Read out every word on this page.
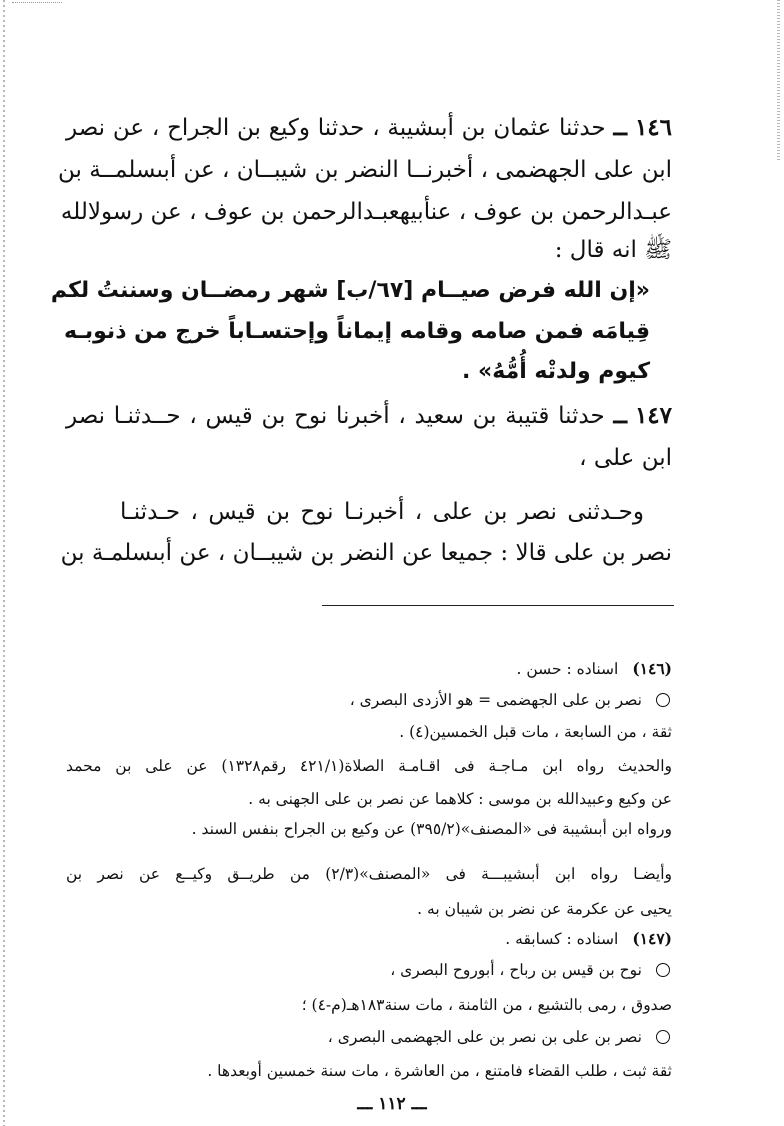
١٤٦ــ حدثنا عثمان بن أبىشيبة ، حدثنا وكيع بن الجراح ، عن نصر

ابن على الجهضمى ، أخبرنــا النضر بن شيبــان ، عن أبىسلمــة بن

عبـدالرحمن بن عوف ، عنأبيهعبـدالرحمن بن عوف ، عن رسولالله

ﷺ انه قال :

«إن الله فرض صيــام [٦٧/ب] شهر رمضــان وسننتُ لكم

قِيامَه فمن صامه وقامه إيماناً وإحتسـاباً خرج من ذنوبـه

كيوم ولدتْه أُمُّهُ» .

١٤٧ــ حدثنا قتيبة بن سعيد ، أخبرنا نوح بن قيس ، حــدثنـا نصر

ابن على ،

وحـدثنى نصر بن على ، أخبرنـا نوح بن قيس ، حـدثنـا

نصر بن على قالا : جميعا عن النضر بن شيبــان ، عن أبىسلمـة بن

(١٤٦)اسناده : حسن .

نصر بن على الجهضمى = هو الأزدى البصرى ،

ثقة ، من السابعة ، مات قبل الخمسين(٤) .

والحديث رواه ابن مـاجـة فى اقـامـة الصلاة(٤٢١/١ رقم١٣٢٨) عن على بن محمد

عن وكيع وعبيدالله بن موسى : كلاهما عن نصر بن على الجهنى به .

ورواه ابن أبىشيبة فى «المصنف»(٣٩٥/٢) عن وكيع بن الجراح بنفس السند .

وأيضـا رواه ابن أبىشيبـــة فى «المصنف»(٢/٣) من طريــق وكيــع عن نصر بن

يحيى عن عكرمة عن نضر بن شيبان به .

(١٤٧)اسناده : كسابقه .

نوح بن قيس بن رباح ، أبوروح البصرى ،

صدوق ، رمى بالتشيع ، من الثامنة ، مات سنة١٨٣هـ(م-٤) ؛

نصر بن على بن نصر بن على الجهضمى البصرى ،

ثقة ثبت ، طلب القضاء فامتنع ، من العاشرة ، مات سنة خمسين أوبعدها .

ـــ ١١٢ ـــ
